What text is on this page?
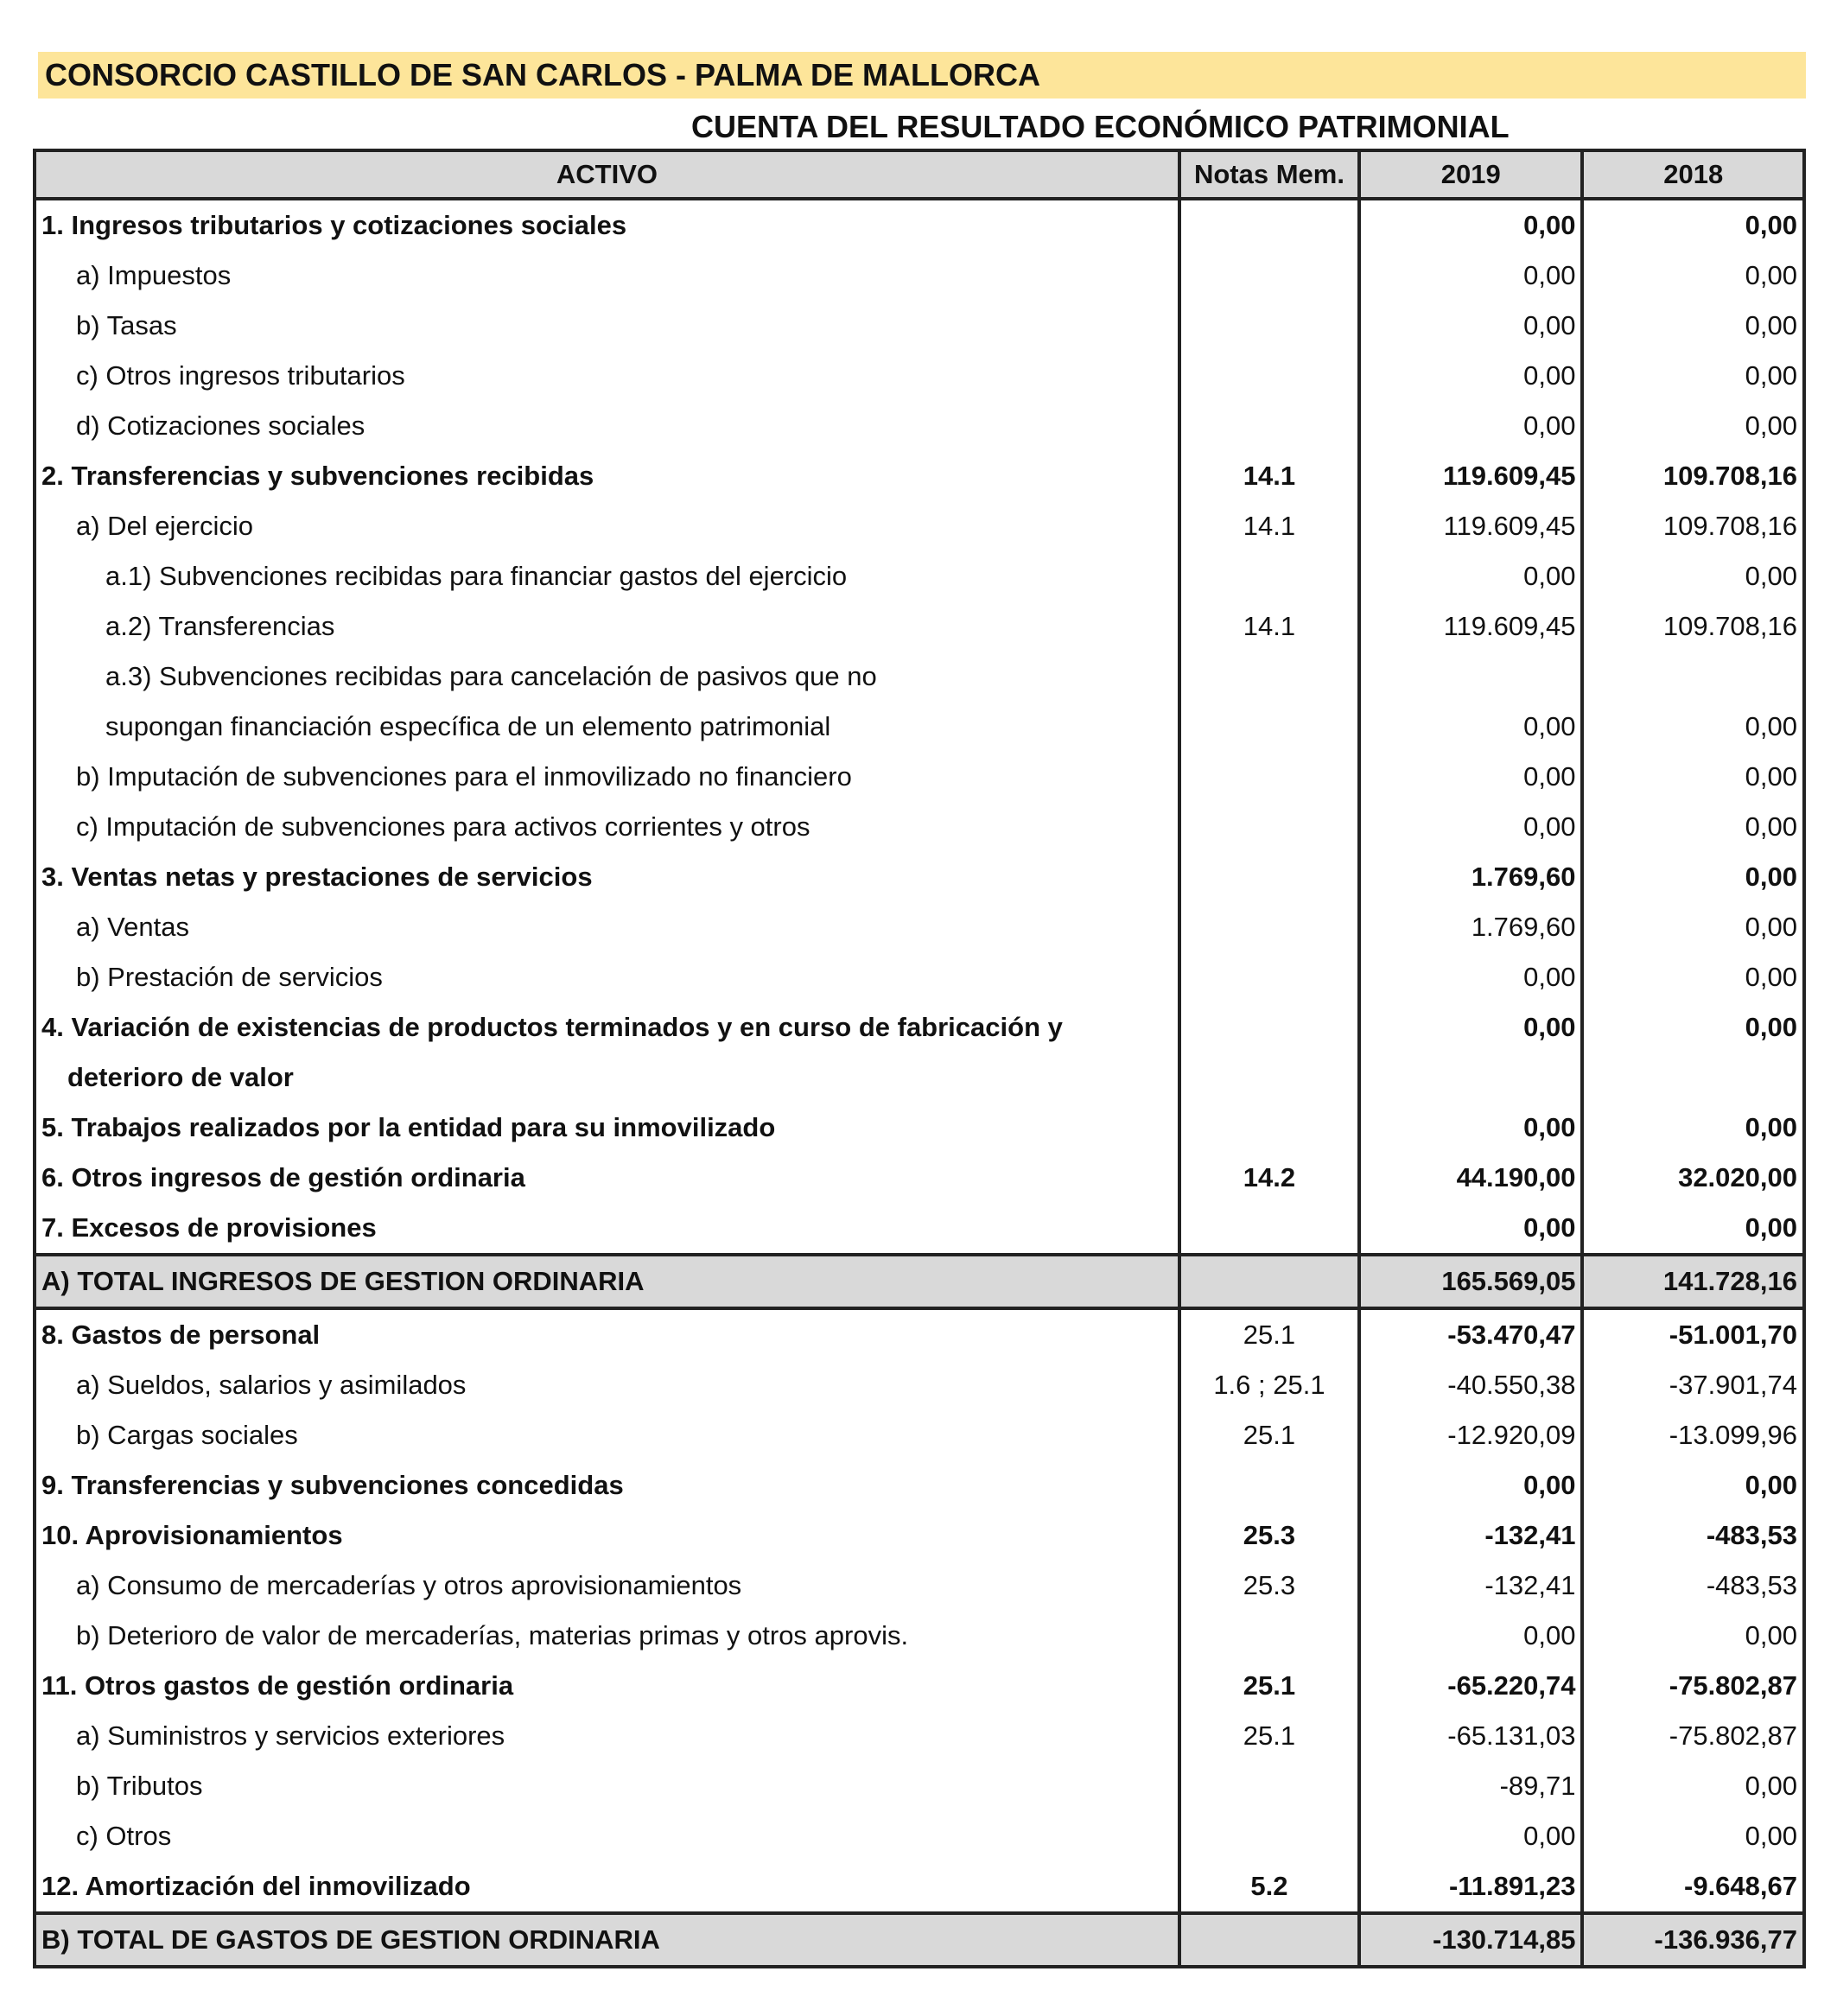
CONSORCIO CASTILLO DE SAN CARLOS - PALMA DE MALLORCA
CUENTA DEL RESULTADO ECONÓMICO PATRIMONIAL
ACTIVO	Notas Mem.	2019	2018
1. Ingresos tributarios y cotizaciones sociales		0,00	0,00
a) Impuestos		0,00	0,00
b) Tasas		0,00	0,00
c) Otros ingresos tributarios		0,00	0,00
d) Cotizaciones sociales		0,00	0,00
2. Transferencias y subvenciones recibidas	14.1	119.609,45	109.708,16
a) Del ejercicio	14.1	119.609,45	109.708,16
a.1) Subvenciones recibidas para financiar gastos del ejercicio		0,00	0,00
a.2) Transferencias	14.1	119.609,45	109.708,16

a.3) Subvenciones recibidas para cancelación de pasivos que no
supongan financiación específica de un elemento patrimonial		0,00	0,00
b) Imputación de subvenciones para el inmovilizado no financiero		0,00	0,00
c) Imputación de subvenciones para activos corrientes y otros		0,00	0,00
3. Ventas netas y prestaciones de servicios		1.769,60	0,00
a) Ventas		1.769,60	0,00
b) Prestación de servicios		0,00	0,00

4. Variación de existencias de productos terminados y en curso de fabricación y
deterioro de valor		0,00	0,00
5. Trabajos realizados por la entidad para su inmovilizado		0,00	0,00
6. Otros ingresos de gestión ordinaria	14.2	44.190,00	32.020,00
7. Excesos de provisiones		0,00	0,00
A) TOTAL INGRESOS DE GESTION ORDINARIA		165.569,05	141.728,16
8. Gastos de personal	25.1	-53.470,47	-51.001,70
a) Sueldos, salarios y asimilados	1.6 ; 25.1	-40.550,38	-37.901,74
b) Cargas sociales	25.1	-12.920,09	-13.099,96
9. Transferencias y subvenciones concedidas		0,00	0,00
10. Aprovisionamientos	25.3	-132,41	-483,53
a) Consumo de mercaderías y otros aprovisionamientos	25.3	-132,41	-483,53
b) Deterioro de valor de mercaderías, materias primas y otros aprovis.		0,00	0,00
11. Otros gastos de gestión ordinaria	25.1	-65.220,74	-75.802,87
a) Suministros y servicios exteriores	25.1	-65.131,03	-75.802,87
b) Tributos		-89,71	0,00
c) Otros		0,00	0,00
12. Amortización del inmovilizado	5.2	-11.891,23	-9.648,67
B) TOTAL DE GASTOS DE GESTION ORDINARIA		-130.714,85	-136.936,77
